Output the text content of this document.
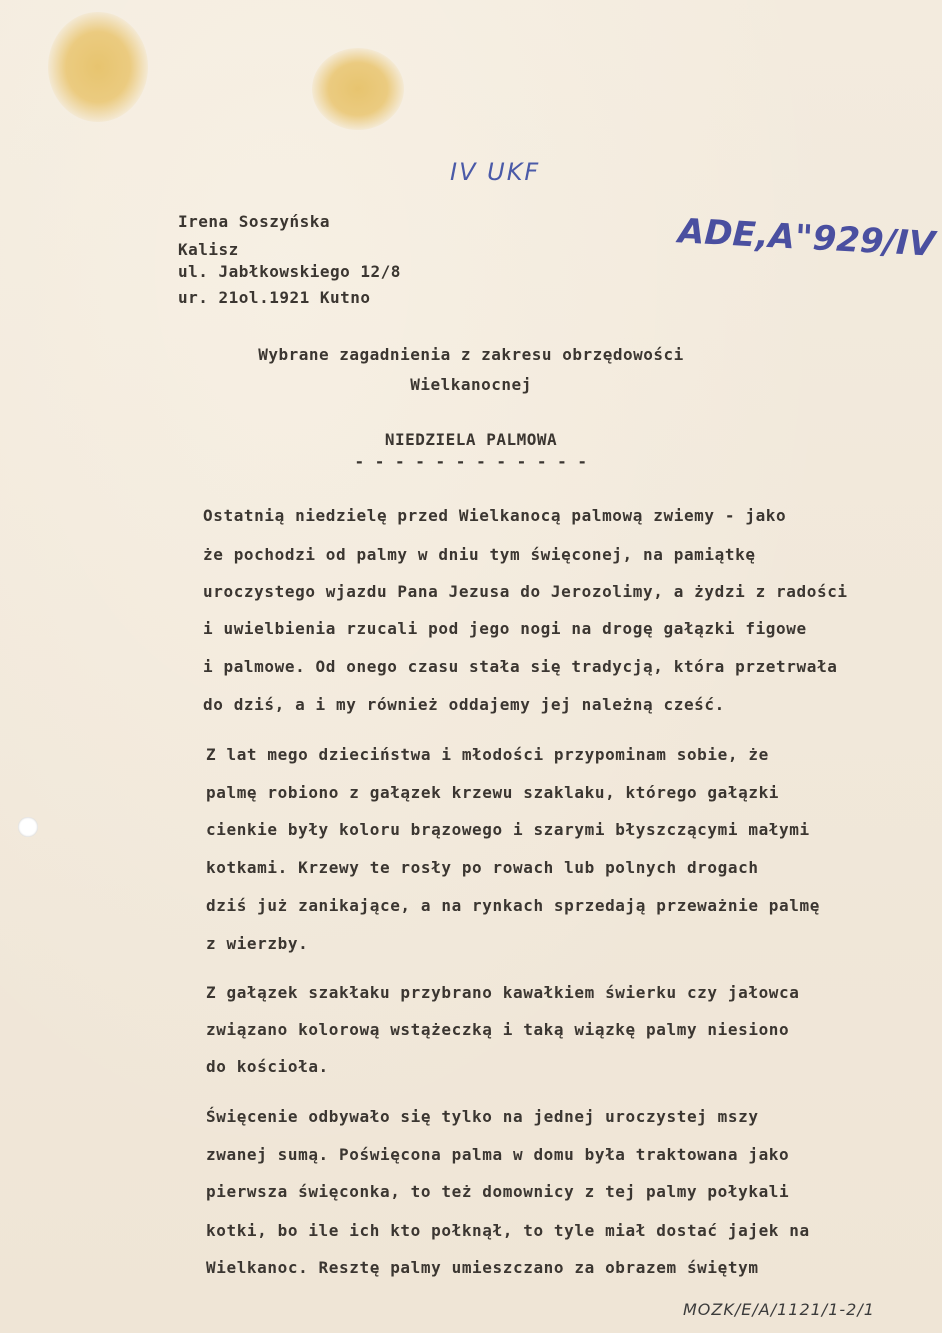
IV UKF
ADE,A"929/IV
MOZK/E/A/1121/1-2/1
Irena Soszyńska
Kalisz
ul. Jabłkowskiego 12/8
ur. 21ol.1921 Kutno
Wybrane zagadnienia z zakresu obrzędowości
Wielkanocnej
NIEDZIELA PALMOWA
- - - - - - - - - - - -
Ostatnią niedzielę przed Wielkanocą palmową zwiemy - jako
że pochodzi od palmy w dniu tym święconej, na pamiątkę
uroczystego wjazdu Pana Jezusa do Jerozolimy, a żydzi z radości
i uwielbienia rzucali pod jego nogi na drogę gałązki figowe
i palmowe. Od onego czasu stała się tradycją, która przetrwała
do dziś, a i my również oddajemy jej należną cześć.
Z lat mego dzieciństwa i młodości przypominam sobie, że
palmę robiono z gałązek krzewu szaklaku, którego gałązki
cienkie były koloru brązowego i szarymi błyszczącymi małymi
kotkami. Krzewy te rosły po rowach lub polnych drogach
dziś już zanikające, a na rynkach sprzedają przeważnie palmę
z wierzby.
Z gałązek szakłaku przybrano kawałkiem świerku czy jałowca
związano kolorową wstążeczką i taką wiązkę palmy niesiono
do kościoła.
Święcenie odbywało się tylko na jednej uroczystej mszy
zwanej sumą. Poświęcona palma w domu była traktowana jako
pierwsza święconka, to też domownicy z tej palmy połykali
kotki, bo ile ich kto połknął, to tyle miał dostać jajek na
Wielkanoc. Resztę palmy umieszczano za obrazem świętym
